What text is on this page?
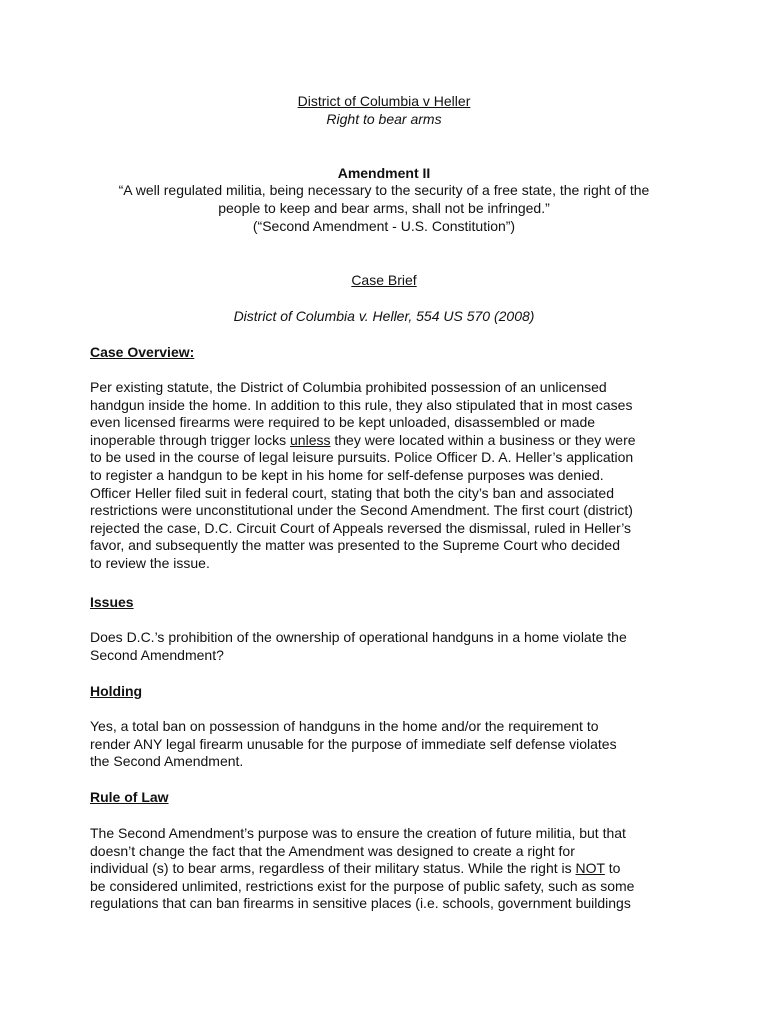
District of Columbia v Heller
Right to bear arms
Amendment II
“A well regulated militia, being necessary to the security of a free state, the right of the
people to keep and bear arms, shall not be infringed.”
(“Second Amendment - U.S. Constitution”)
Case Brief
District of Columbia v. Heller, 554 US 570 (2008)
Case Overview:
Per existing statute, the District of Columbia prohibited possession of an unlicensed
handgun inside the home. In addition to this rule, they also stipulated that in most cases
even licensed firearms were required to be kept unloaded, disassembled or made
inoperable through trigger locks unless they were located within a business or they were
to be used in the course of legal leisure pursuits. Police Officer D. A. Heller’s application
to register a handgun to be kept in his home for self-defense purposes was denied.
Officer Heller filed suit in federal court, stating that both the city’s ban and associated
restrictions were unconstitutional under the Second Amendment. The first court (district)
rejected the case, D.C. Circuit Court of Appeals reversed the dismissal, ruled in Heller’s
favor, and subsequently the matter was presented to the Supreme Court who decided
to review the issue.
Issues
Does D.C.’s prohibition of the ownership of operational handguns in a home violate the
Second Amendment?
Holding
Yes, a total ban on possession of handguns in the home and/or the requirement to
render ANY legal firearm unusable for the purpose of immediate self defense violates
the Second Amendment.
Rule of Law
The Second Amendment’s purpose was to ensure the creation of future militia, but that
doesn’t change the fact that the Amendment was designed to create a right for
individual (s) to bear arms, regardless of their military status. While the right is NOT to
be considered unlimited, restrictions exist for the purpose of public safety, such as some
regulations that can ban firearms in sensitive places (i.e. schools, government buildings
